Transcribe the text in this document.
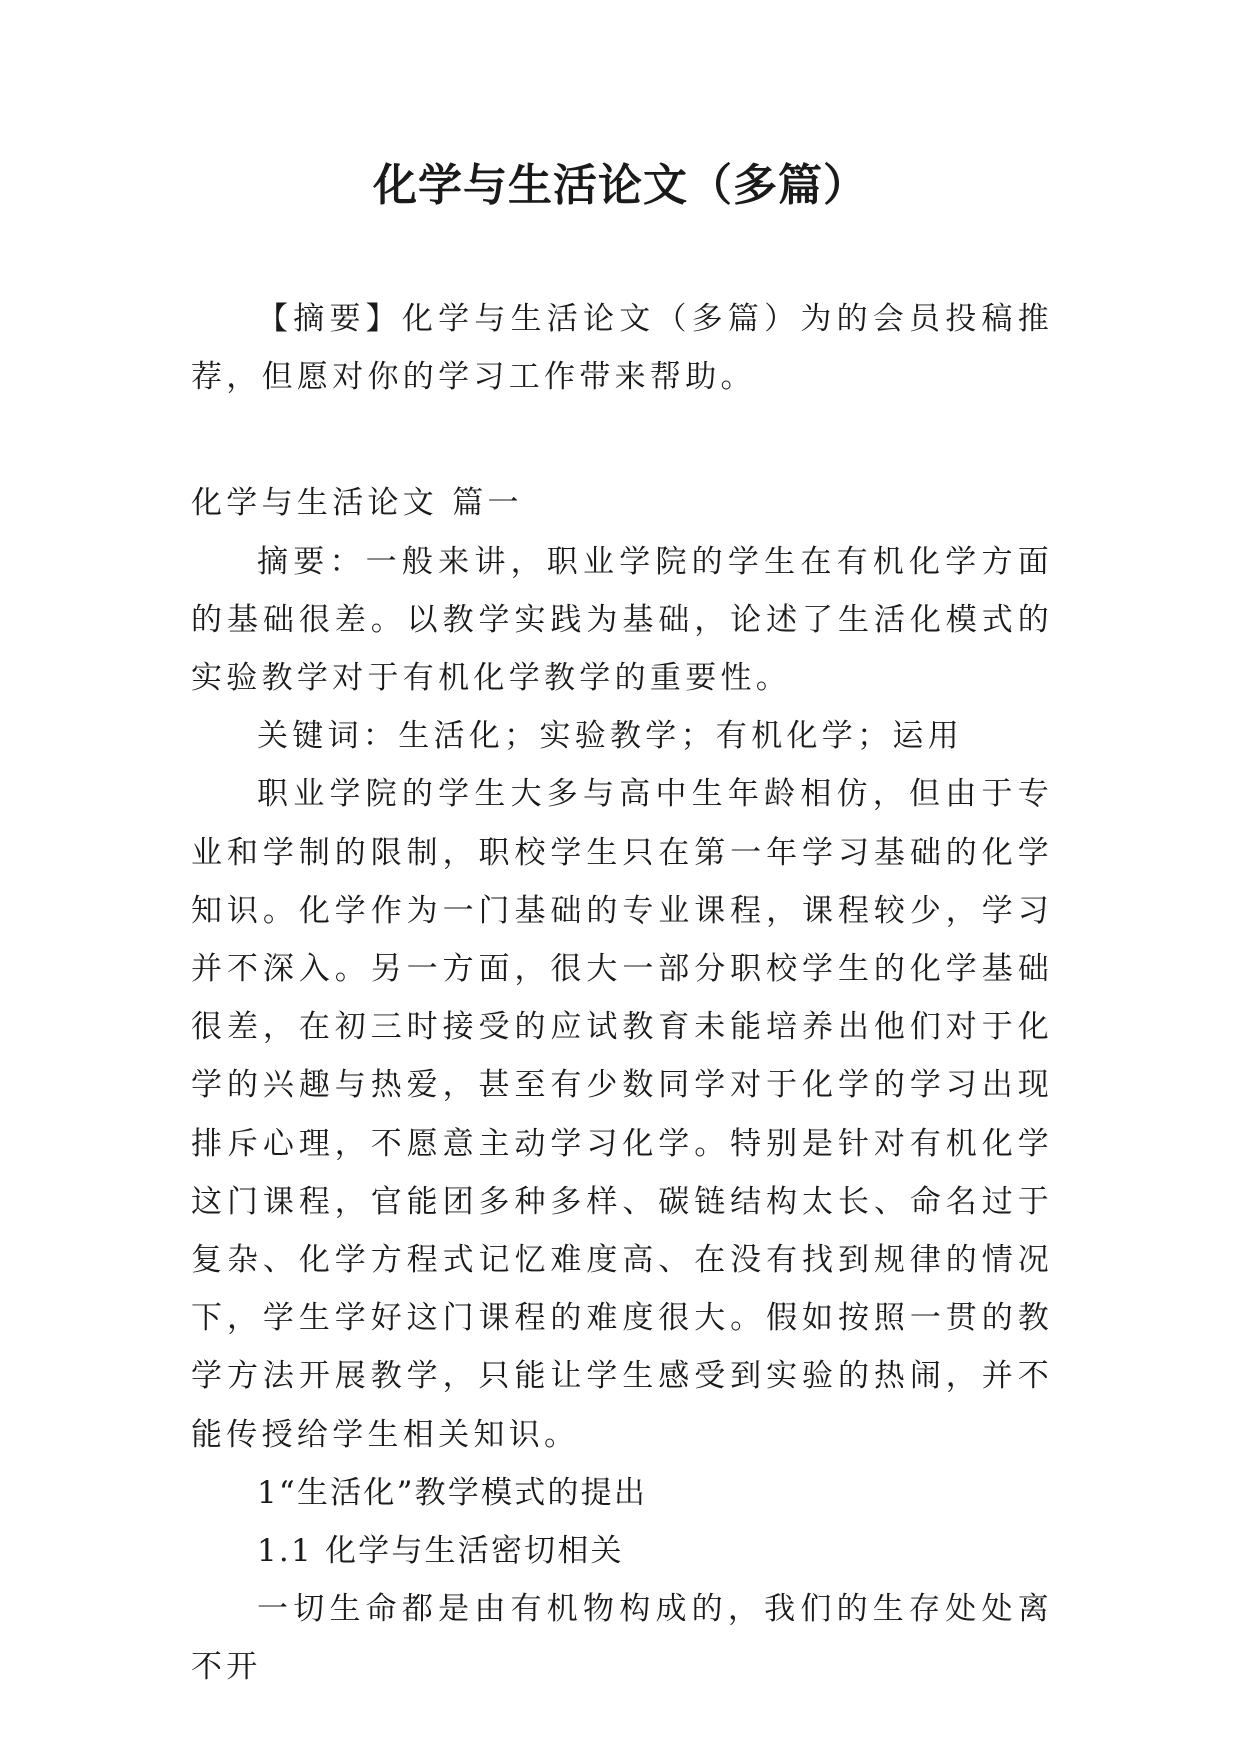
化学与生活论文（多篇）

【摘要】化学与生活论文（多篇）为的会员投稿推荐，但愿对你的学习工作带来帮助。

化学与生活论文 篇一

摘要：一般来讲，职业学院的学生在有机化学方面的基础很差。以教学实践为基础，论述了生活化模式的实验教学对于有机化学教学的重要性。

关键词：生活化；实验教学；有机化学；运用

职业学院的学生大多与高中生年龄相仿，但由于专业和学制的限制，职校学生只在第一年学习基础的化学知识。化学作为一门基础的专业课程，课程较少，学习并不深入。另一方面，很大一部分职校学生的化学基础很差，在初三时接受的应试教育未能培养出他们对于化学的兴趣与热爱，甚至有少数同学对于化学的学习出现排斥心理，不愿意主动学习化学。特别是针对有机化学这门课程，官能团多种多样、碳链结构太长、命名过于复杂、化学方程式记忆难度高、在没有找到规律的情况下，学生学好这门课程的难度很大。假如按照一贯的教学方法开展教学，只能让学生感受到实验的热闹，并不能传授给学生相关知识。

1“生活化”教学模式的提出

1.1 化学与生活密切相关

一切生命都是由有机物构成的，我们的生存处处离不开
